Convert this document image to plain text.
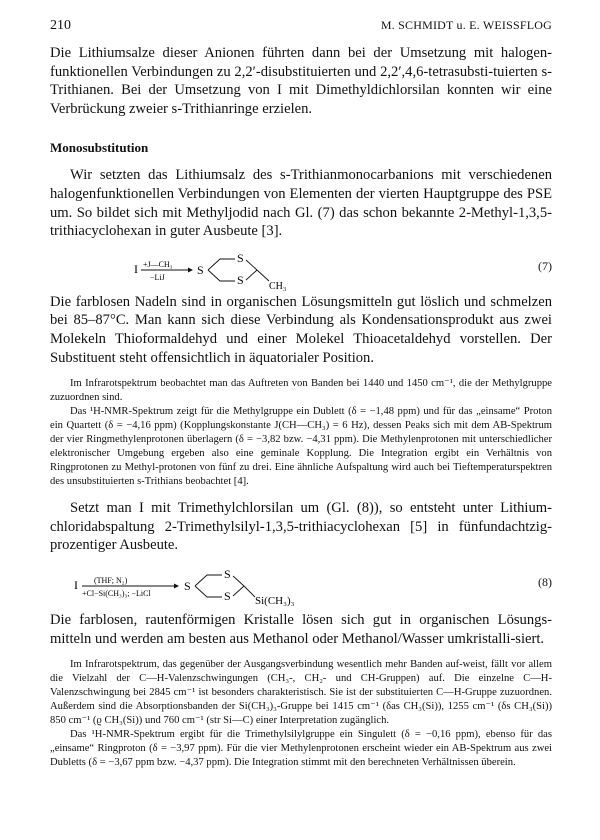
210	M. SCHMIDT u. E. WEISSFLOG

Die Lithiumsalze dieser Anionen führten dann bei der Umsetzung mit halogen-funktionellen Verbindungen zu 2,2′-disubstituierten und 2,2′,4,6-tetrasubsti-tuierten s-Trithianen. Bei der Umsetzung von I mit Dimethyldichlorsilan konnten wir eine Verbrückung zweier s-Trithianringe erzielen.

Monosubstitution

Wir setzten das Lithiumsalz des s-Trithianmonocarbanions mit verschiedenen halogenfunktionellen Verbindungen von Elementen der vierten Hauptgruppe des PSE um. So bildet sich mit Methyljodid nach Gl. (7) das schon bekannte 2-Methyl-1,3,5-trithiacyclohexan in guter Ausbeute [3].

I +J—CH₃
−LiJ
S
S
S	CH₃
(7)

Die farblosen Nadeln sind in organischen Lösungsmitteln gut löslich und schmelzen bei 85–87°C. Man kann sich diese Verbindung als Kondensationsprodukt aus zwei Molekeln Thioformaldehyd und einer Molekel Thioacetaldehyd vorstellen. Der Substituent steht offensichtlich in äquatorialer Position.

Im Infrarotspektrum beobachtet man das Auftreten von Banden bei 1440 und 1450 cm⁻¹, die der Methylgruppe zuzuordnen sind.

Das ¹H-NMR-Spektrum zeigt für die Methylgruppe ein Dublett (δ = −1,48 ppm) und für das „einsame“ Proton ein Quartett (δ = −4,16 ppm) (Kopplungskonstante J(CH—CH₃) = 6 Hz), dessen Peaks sich mit dem AB-Spektrum der vier Ringmethylenprotonen überlagern (δ = −3,82 bzw. −4,31 ppm). Die Methylenprotonen mit unterschiedlicher elektronischer Umgebung ergeben also eine geminale Kopplung. Die Integration ergibt ein Verhältnis von Ringprotonen zu Methyl-protonen von fünf zu drei. Eine ähnliche Aufspaltung wird auch bei Tieftemperaturspektren des unsubstituierten s-Trithians beobachtet [4].

Setzt man I mit Trimethylchlorsilan um (Gl. (8)), so entsteht unter Lithium-chloridabspaltung 2-Trimethylsilyl-1,3,5-trithiacyclohexan [5] in fünfundachtzig-prozentiger Ausbeute.

I (THF; N₂)
+Cl−Si(CH₃)₃; −LiCl
S
S
S Si(CH₃)₃
(8)

Die farblosen, rautenförmigen Kristalle lösen sich gut in organischen Lösungs-mitteln und werden am besten aus Methanol oder Methanol/Wasser umkristalli-siert.

Im Infrarotspektrum, das gegenüber der Ausgangsverbindung wesentlich mehr Banden auf-weist, fällt vor allem die Vielzahl der C—H-Valenzschwingungen (CH₃-, CH₂- und CH-Gruppen) auf. Die einzelne C—H-Valenzschwingung bei 2845 cm⁻¹ ist besonders charakteristisch. Sie ist der substituierten C—H-Gruppe zuzuordnen. Außerdem sind die Absorptionsbanden der Si(CH₃)₃-Gruppe bei 1415 cm⁻¹ (δas CH₃(Si)), 1255 cm⁻¹ (δs CH₃(Si)) 850 cm⁻¹ (ϱ CH₃(Si)) und 760 cm⁻¹ (str Si—C) einer Interpretation zugänglich.

Das ¹H-NMR-Spektrum ergibt für die Trimethylsilylgruppe ein Singulett (δ = −0,16 ppm), ebenso für das „einsame“ Ringproton (δ = −3,97 ppm). Für die vier Methylenprotonen erscheint wieder ein AB-Spektrum aus zwei Dubletts (δ = −3,67 ppm bzw. −4,37 ppm). Die Integration stimmt mit den berechneten Verhältnissen überein.
